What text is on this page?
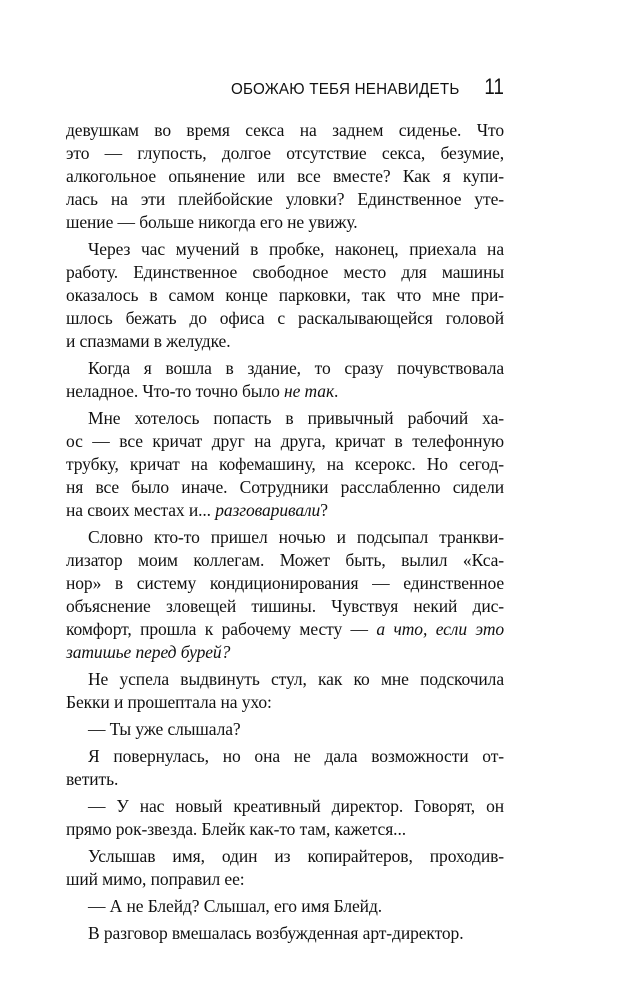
ОБОЖАЮ ТЕБЯ НЕНАВИДЕТЬ 11

девушкам во время секса на заднем сиденье. Что
это — глупость, долгое отсутствие секса, безумие,
алкогольное опьянение или все вместе? Как я купи-
лась на эти плейбойские уловки? Единственное уте-
шение — больше никогда его не увижу.

Через час мучений в пробке, наконец, приехала на
работу. Единственное свободное место для машины
оказалось в самом конце парковки, так что мне при-
шлось бежать до офиса с раскалывающейся головой
и спазмами в желудке.

Когда я вошла в здание, то сразу почувствовала
неладное. Что-то точно было не так.

Мне хотелось попасть в привычный рабочий ха-
ос — все кричат друг на друга, кричат в телефонную
трубку, кричат на кофемашину, на ксерокс. Но сегод-
ня все было иначе. Сотрудники расслабленно сидели
на своих местах и... разговаривали?

Словно кто-то пришел ночью и подсыпал транкви-
лизатор моим коллегам. Может быть, вылил «Кса-
нор» в систему кондиционирования — единственное
объяснение зловещей тишины. Чувствуя некий дис-
комфорт, прошла к рабочему месту — а что, если это
затишье перед бурей?

Не успела выдвинуть стул, как ко мне подскочила
Бекки и прошептала на ухо:

— Ты уже слышала?

Я повернулась, но она не дала возможности от-
ветить.

— У нас новый креативный директор. Говорят, он
прямо рок-звезда. Блейк как-то там, кажется...

Услышав имя, один из копирайтеров, проходив-
ший мимо, поправил ее:

— А не Блейд? Слышал, его имя Блейд.

В разговор вмешалась возбужденная арт-директор.
